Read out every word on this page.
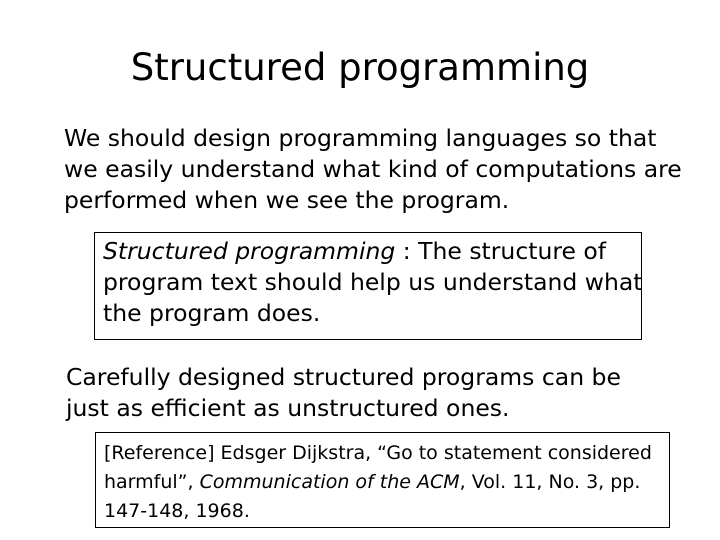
Structured programming

We should design programming languages so that
we easily understand what kind of computations are
performed when we see the program.

Structured programming : The structure of
program text should help us understand what
the program does.

Carefully designed structured programs can be
just as efficient as unstructured ones.

[Reference] Edsger Dijkstra, “Go to statement considered
harmful”, Communication of the ACM, Vol. 11, No. 3, pp.
147-148, 1968.
